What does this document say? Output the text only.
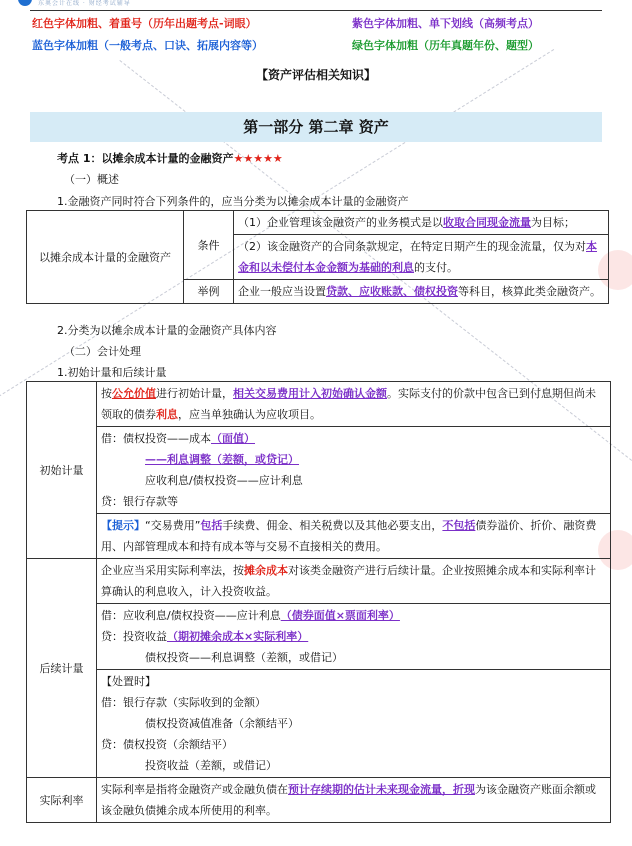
东奥会计在线 · 财经考试辅导
红色字体加粗、着重号（历年出题考点-词眼）	紫色字体加粗、单下划线（高频考点）
蓝色字体加粗（一般考点、口诀、拓展内容等）	绿色字体加粗（历年真题年份、题型）
【资产评估相关知识】
第一部分 第二章 资产
考点 1：以摊余成本计量的金融资产★★★★★
（一）概述
1.金融资产同时符合下列条件的，应当分类为以摊余成本计量的金融资产
以摊余成本计量的金融资产	条件	（1）企业管理该金融资产的业务模式是以收取合同现金流量为目标；
		（2）该金融资产的合同条款规定，在特定日期产生的现金流量，仅为对本金和以未偿付本金金额为基础的利息的支付。
	举例	企业一般应当设置贷款、应收账款、债权投资等科目，核算此类金融资产。
2.分类为以摊余成本计量的金融资产具体内容
（二）会计处理
1.初始计量和后续计量
初始计量	按公允价值进行初始计量，相关交易费用计入初始确认金额。实际支付的价款中包含已到付息期但尚未领取的债券利息，应当单独确认为应收项目。

	借：债权投资——成本（面值）
——利息调整（差额，或贷记）
应收利息/债权投资——应计利息
贷：银行存款等

	【提示】“交易费用”包括手续费、佣金、相关税费以及其他必要支出，不包括债券溢价、折价、融资费用、内部管理成本和持有成本等与交易不直接相关的费用。
后续计量	企业应当采用实际利率法，按摊余成本对该类金融资产进行后续计量。企业按照摊余成本和实际利率计算确认的利息收入，计入投资收益。

	借：应收利息/债权投资——应计利息（债券面值×票面利率）
贷：投资收益（期初摊余成本×实际利率）
债权投资——利息调整（差额，或借记）

	【处置时】
借：银行存款（实际收到的金额）
债权投资减值准备（余额结平）
贷：债权投资（余额结平）
投资收益（差额，或借记）

实际利率	实际利率是指将金融资产或金融负债在预计存续期的估计未来现金流量，折现为该金融资产账面余额或该金融负债摊余成本所使用的利率。
